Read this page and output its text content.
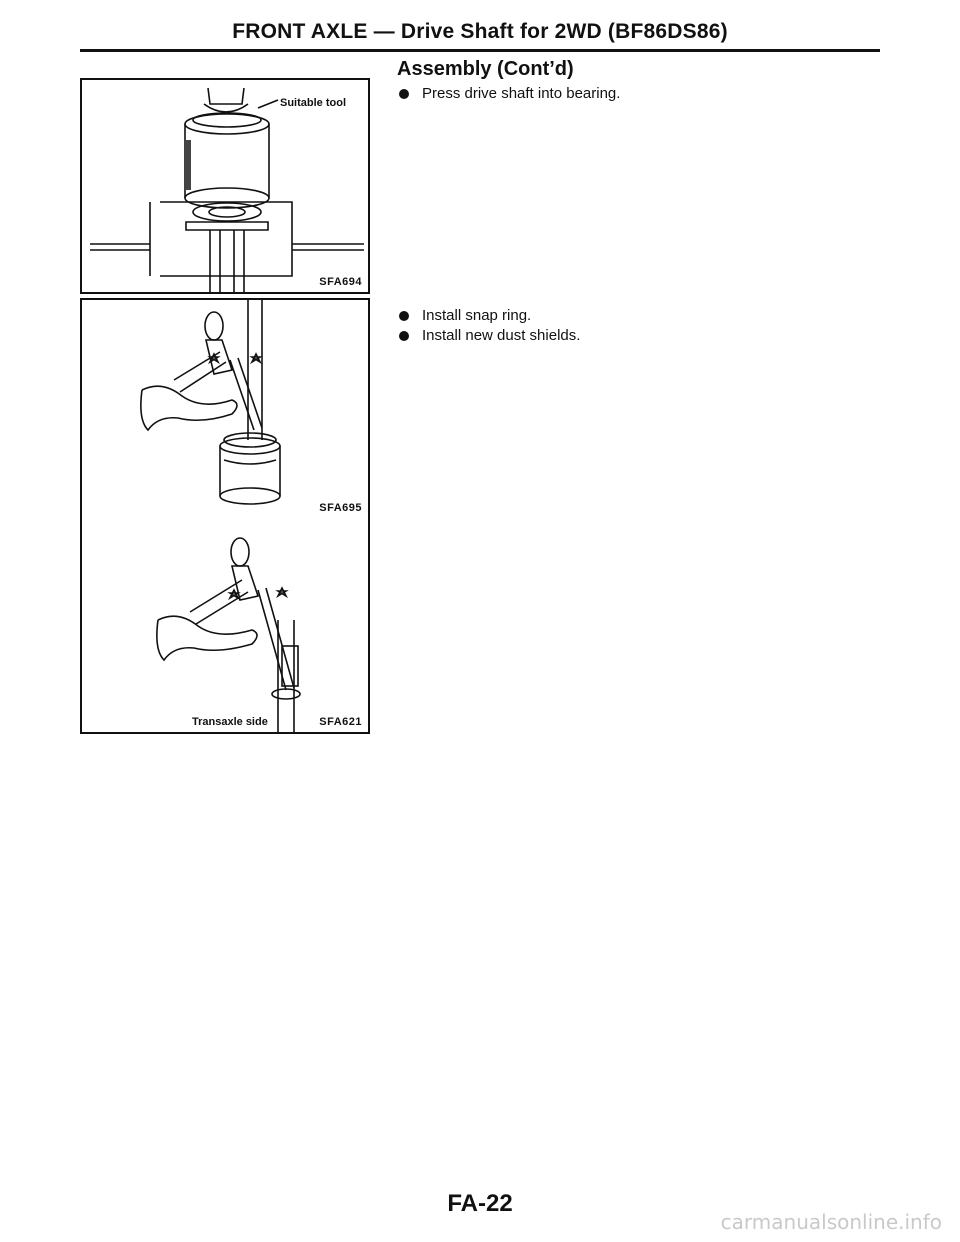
FRONT AXLE — Drive Shaft for 2WD (BF86DS86)
Suitable tool
SFA694
SFA695
Transaxle side	SFA621
Assembly (Cont’d)
Press drive shaft into bearing.
Install snap ring.
Install new dust shields.
FA-22
carmanualsonline.info
